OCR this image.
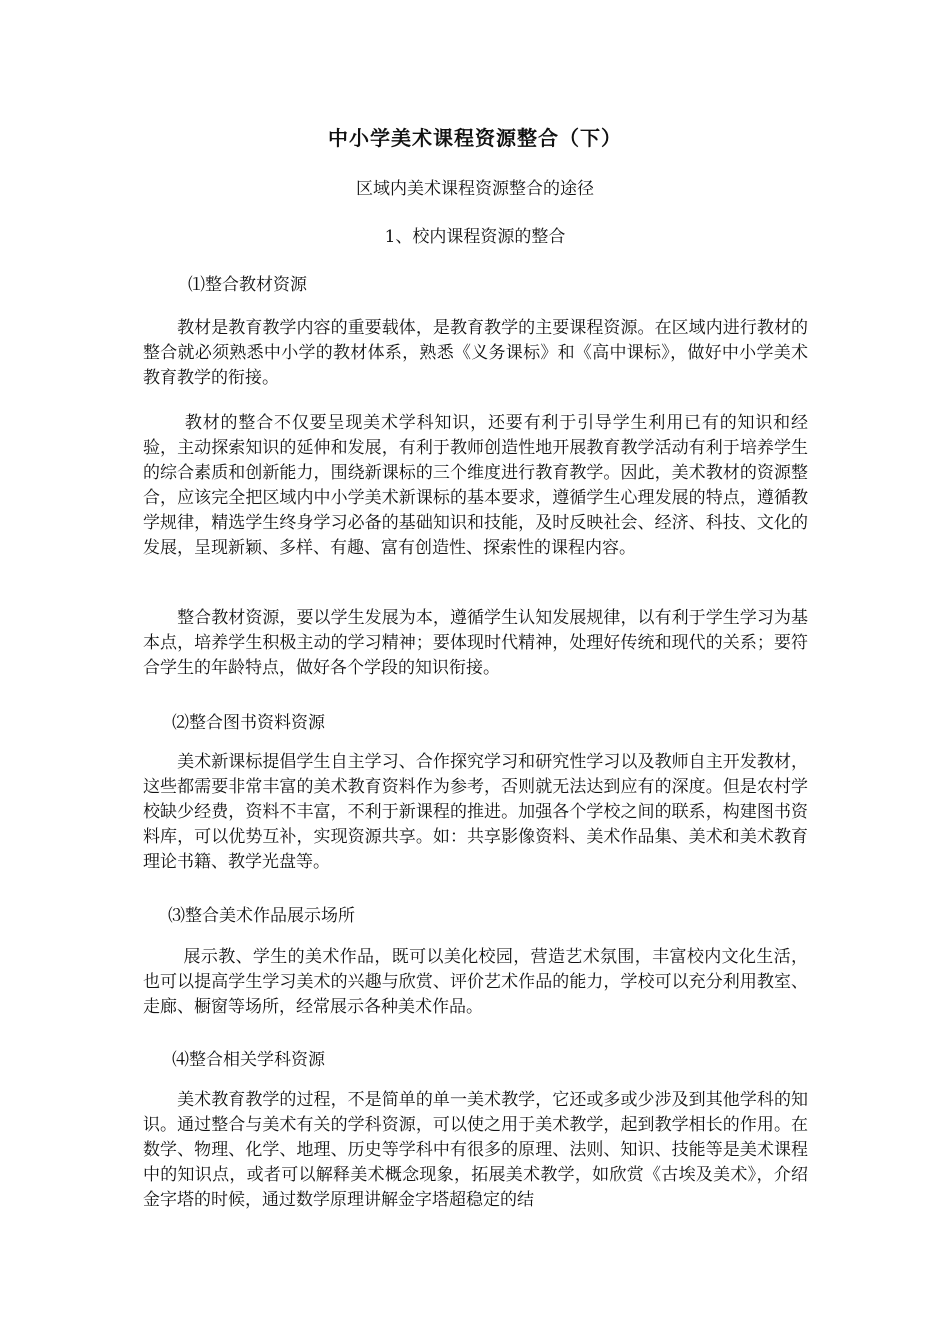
中小学美术课程资源整合（下）
区域内美术课程资源整合的途径
1、校内课程资源的整合
⑴整合教材资源

　　教材是教育教学内容的重要载体，是教育教学的主要课程资源。在区域内进行教材的整合就必须熟悉中小学的教材体系，熟悉《义务课标》和《高中课标》，做好中小学美术教育教学的衔接。

　　 教材的整合不仅要呈现美术学科知识，还要有利于引导学生利用已有的知识和经验，主动探索知识的延伸和发展，有利于教师创造性地开展教育教学活动有利于培养学生的综合素质和创新能力，围绕新课标的三个维度进行教育教学。因此，美术教材的资源整合，应该完全把区域内中小学美术新课标的基本要求，遵循学生心理发展的特点，遵循教学规律，精选学生终身学习必备的基础知识和技能，及时反映社会、经济、科技、文化的发展，呈现新颖、多样、有趣、富有创造性、探索性的课程内容。

　　整合教材资源，要以学生发展为本，遵循学生认知发展规律，以有利于学生学习为基本点，培养学生积极主动的学习精神；要体现时代精神，处理好传统和现代的关系；要符合学生的年龄特点，做好各个学段的知识衔接。

⑵整合图书资料资源

　　美术新课标提倡学生自主学习、合作探究学习和研究性学习以及教师自主开发教材，这些都需要非常丰富的美术教育资料作为参考，否则就无法达到应有的深度。但是农村学校缺少经费，资料不丰富，不利于新课程的推进。加强各个学校之间的联系，构建图书资料库，可以优势互补，实现资源共享。如：共享影像资料、美术作品集、美术和美术教育理论书籍、教学光盘等。

⑶整合美术作品展示场所

　　 展示教、学生的美术作品，既可以美化校园，营造艺术氛围，丰富校内文化生活，也可以提高学生学习美术的兴趣与欣赏、评价艺术作品的能力，学校可以充分利用教室、走廊、橱窗等场所，经常展示各种美术作品。

⑷整合相关学科资源

　　美术教育教学的过程，不是简单的单一美术教学，它还或多或少涉及到其他学科的知识。通过整合与美术有关的学科资源，可以使之用于美术教学，起到教学相长的作用。在数学、物理、化学、地理、历史等学科中有很多的原理、法则、知识、技能等是美术课程中的知识点，或者可以解释美术概念现象，拓展美术教学，如欣赏《古埃及美术》，介绍金字塔的时候，通过数学原理讲解金字塔超稳定的结
